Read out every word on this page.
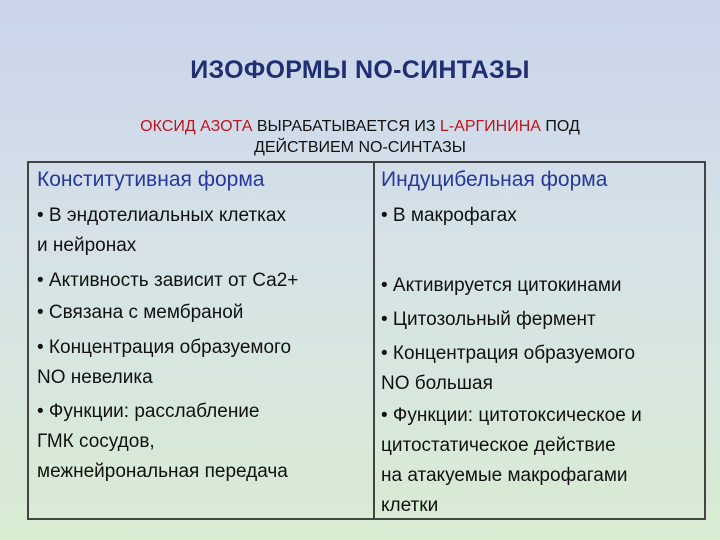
ИЗОФОРМЫ NO-СИНТАЗЫ
ОКСИД АЗОТА ВЫРАБАТЫВАЕТСЯ ИЗ L-АРГИНИНА ПОД
ДЕЙСТВИЕМ NO-СИНТАЗЫ
Конститутивная форма
• В эндотелиальных клетках
и нейронах
• Активность зависит от Са2+
• Связана с мембраной
• Концентрация образуемого
NO невелика
• Функции: расслабление
ГМК сосудов,
межнейрональная передача
Индуцибельная форма
• В макрофагах
• Активируется цитокинами
• Цитозольный фермент
• Концентрация образуемого
NO большая
• Функции: цитотоксическое и
цитостатическое действие
на атакуемые макрофагами
клетки
